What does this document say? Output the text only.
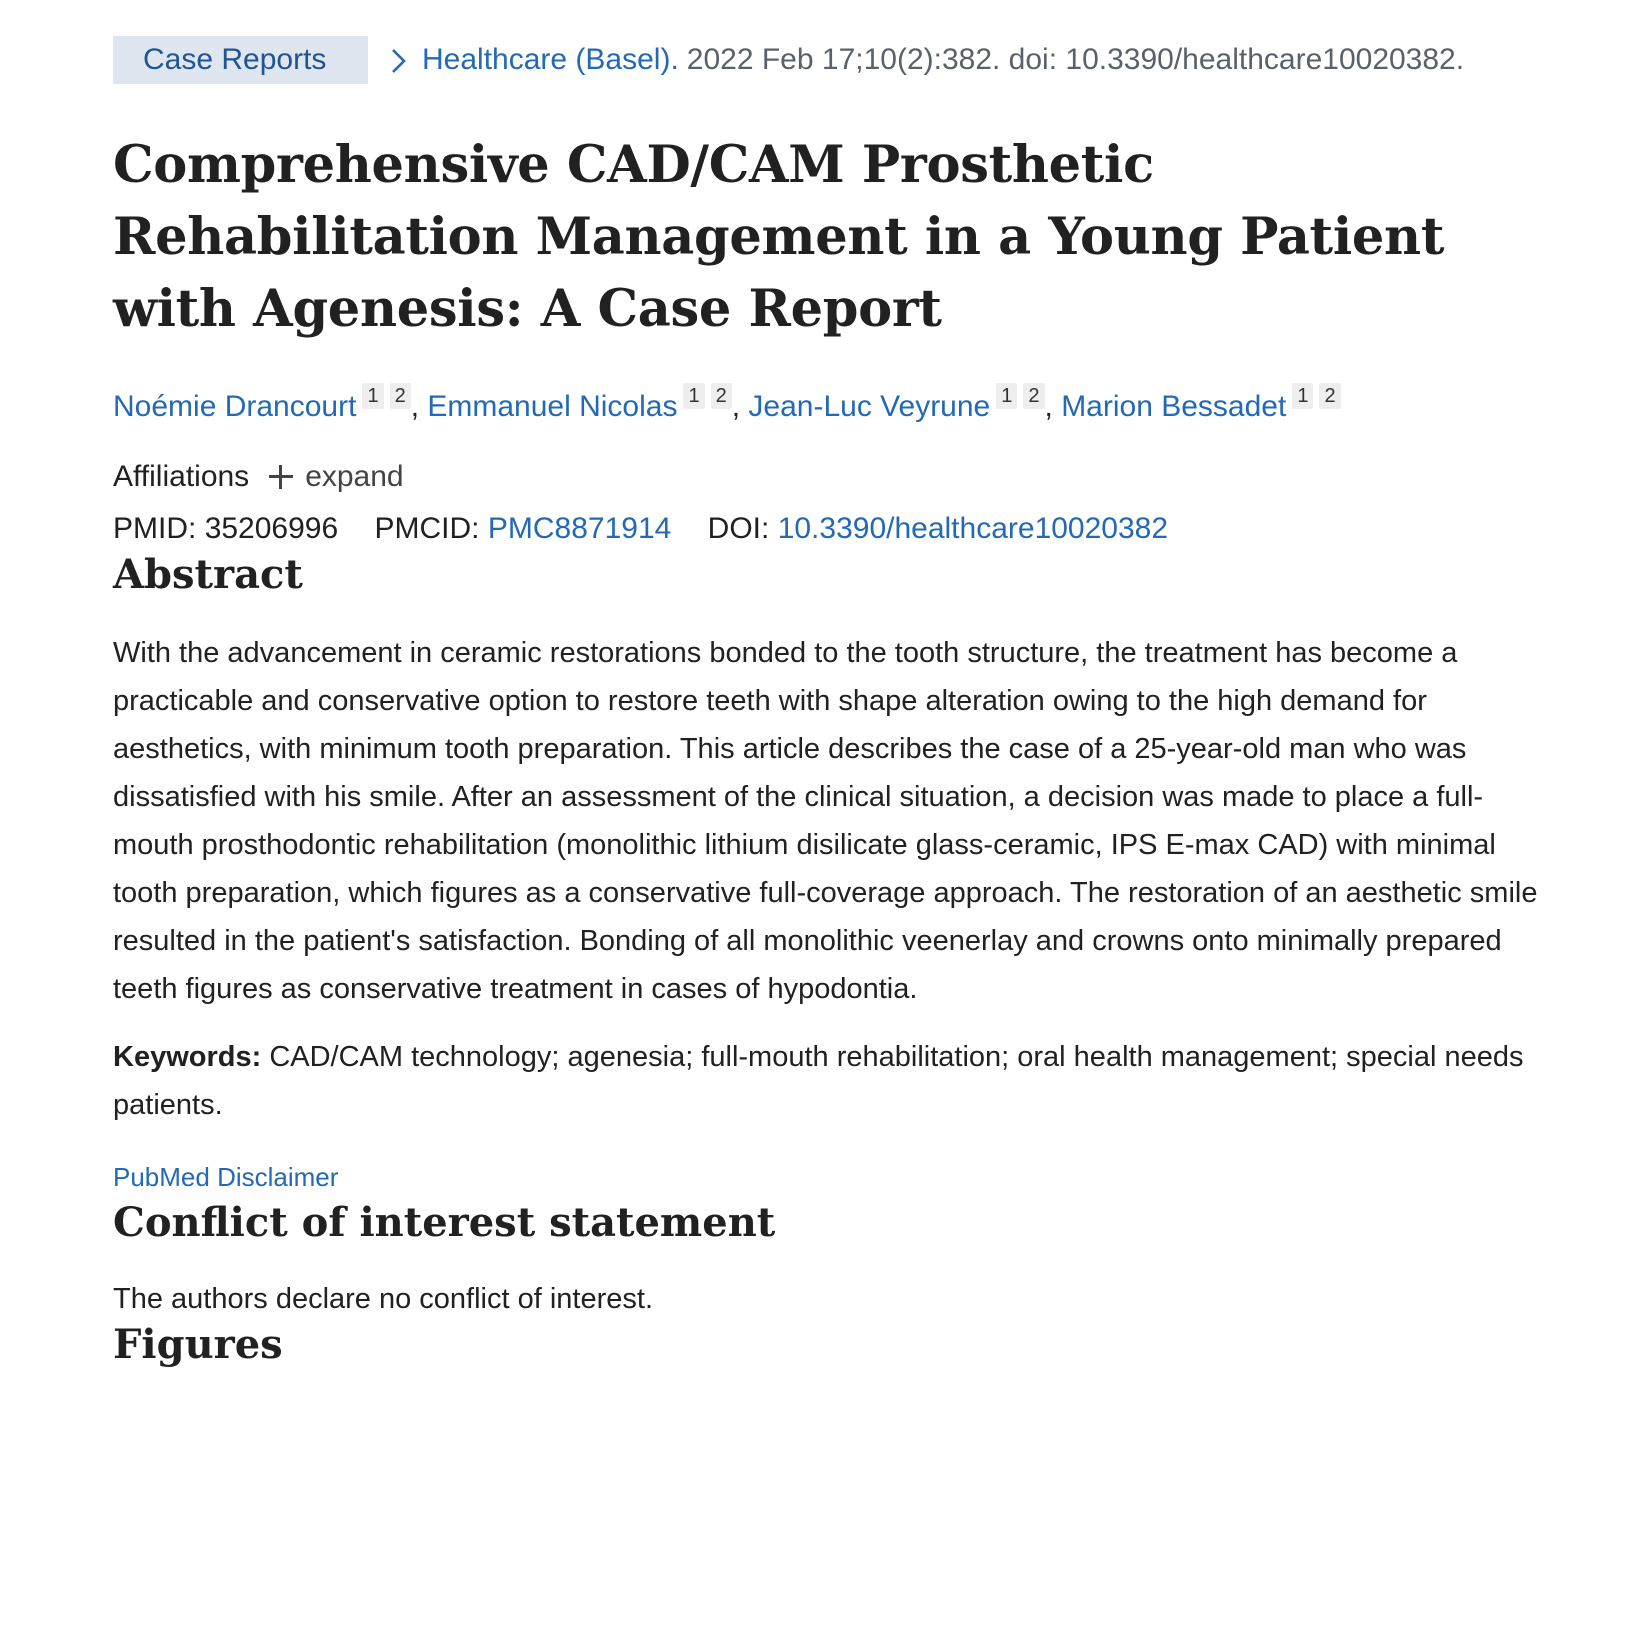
Case Reports	Healthcare (Basel). 2022 Feb 17;10(2):382. doi: 10.3390/healthcare10020382.
Comprehensive CAD/CAM Prosthetic Rehabilitation Management in a Young Patient with Agenesis: A Case Report
Noémie Drancourt 1 2 , Emmanuel Nicolas 1 2 , Jean-Luc Veyrune 1 2 , Marion Bessadet 1 2
Affiliations expand
PMID: 35206996 PMCID: PMC8871914 DOI: 10.3390/healthcare10020382
Abstract
With the advancement in ceramic restorations bonded to the tooth structure, the treatment has become a practicable and conservative option to restore teeth with shape alteration owing to the high demand for aesthetics, with minimum tooth preparation. This article describes the case of a 25-year-old man who was dissatisfied with his smile. After an assessment of the clinical situation, a decision was made to place a full-mouth prosthodontic rehabilitation (monolithic lithium disilicate glass-ceramic, IPS E-max CAD) with minimal tooth preparation, which figures as a conservative full-coverage approach. The restoration of an aesthetic smile resulted in the patient's satisfaction. Bonding of all monolithic veenerlay and crowns onto minimally prepared teeth figures as conservative treatment in cases of hypodontia.
Keywords: CAD/CAM technology; agenesia; full-mouth rehabilitation; oral health management; special needs patients.
PubMed Disclaimer
Conflict of interest statement
The authors declare no conflict of interest.
Figures
